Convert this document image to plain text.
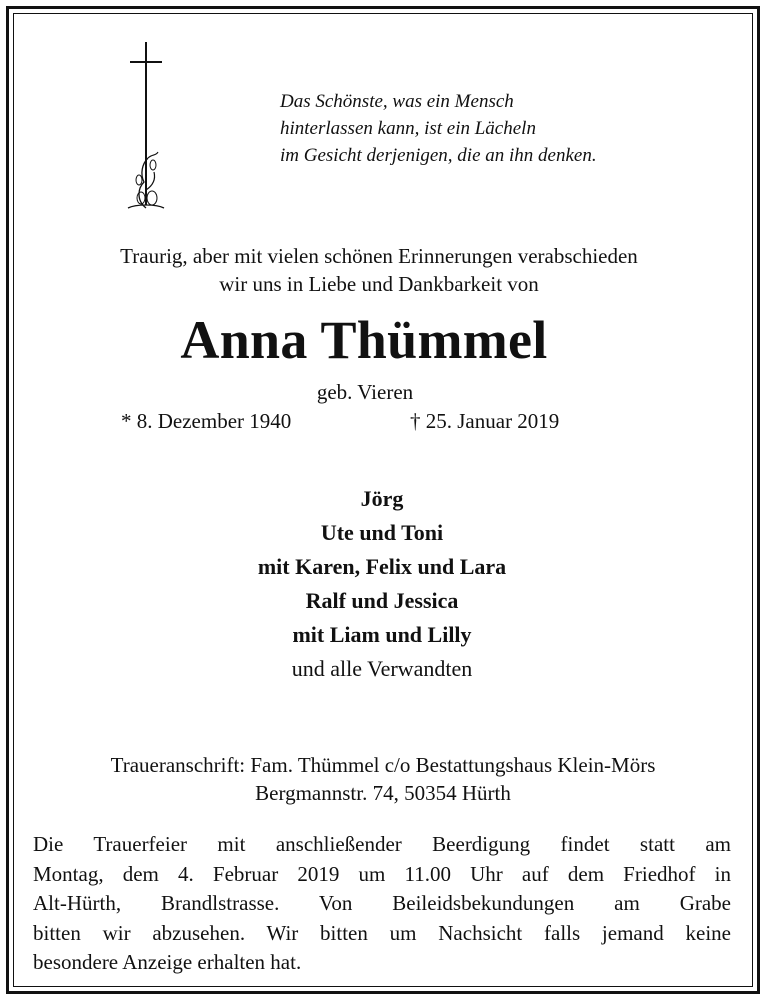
Das Schönste, was ein Mensch
hinterlassen kann, ist ein Lächeln
im Gesicht derjenigen, die an ihn denken.
Traurig, aber mit vielen schönen Erinnerungen verabschieden
wir uns in Liebe und Dankbarkeit von
Anna Thümmel
geb. Vieren
* 8. Dezember 1940	† 25. Januar 2019
Jörg
Ute und Toni
mit Karen, Felix und Lara
Ralf und Jessica
mit Liam und Lilly
und alle Verwandten
Traueranschrift: Fam. Thümmel c/o Bestattungshaus Klein-Mörs
Bergmannstr. 74, 50354 Hürth
Die Trauerfeier mit anschließender Beerdigung findet statt am
Montag, dem 4. Februar 2019 um 11.00 Uhr auf dem Friedhof in
Alt-Hürth, Brandlstrasse. Von Beileidsbekundungen am Grabe
bitten wir abzusehen. Wir bitten um Nachsicht falls jemand keine
besondere Anzeige erhalten hat.
